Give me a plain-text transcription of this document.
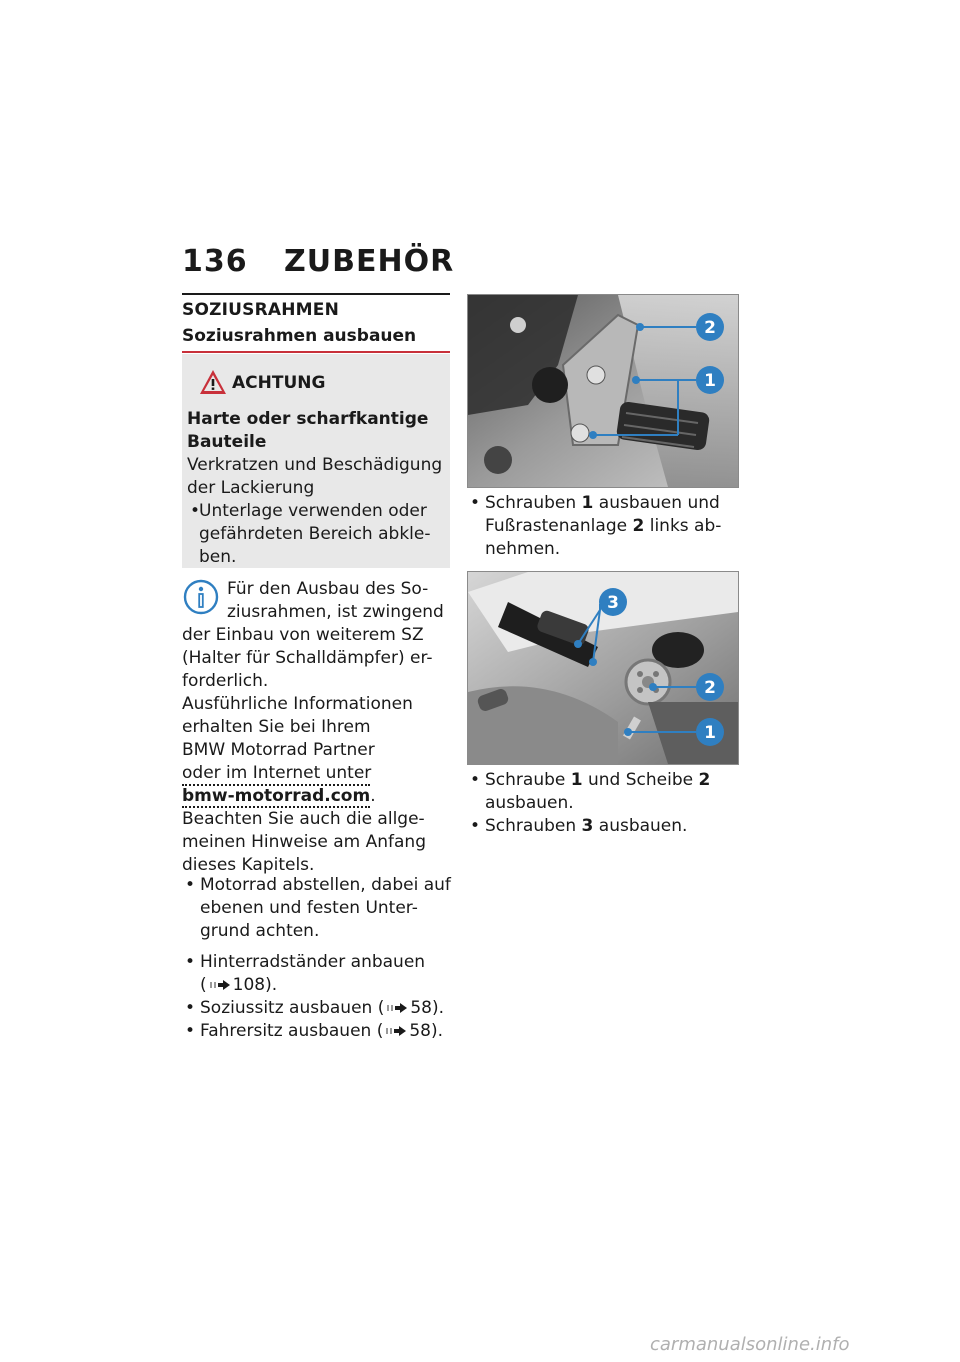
136 ZUBEHÖR
SOZIUSRAHMEN
Soziusrahmen ausbauen
ACHTUNG
Harte oder scharfkantige
Bauteile
Verkratzen und Beschädigung
der Lackierung
• Unterlage verwenden oder
gefährdeten Bereich abkle-
ben.
Für den Ausbau des So-
ziusrahmen, ist zwingend
der Einbau von weiterem SZ
(Halter für Schalldämpfer) er-
forderlich.
Ausführliche Informationen
erhalten Sie bei Ihrem
BMW Motorrad Partner
oder im Internet unter
bmw-motorrad.com.
Beachten Sie auch die allge-
meinen Hinweise am Anfang
dieses Kapitels.
• Motorrad abstellen, dabei auf
ebenen und festen Unter-
grund achten.
• Hinterradständer anbauen
( 108).
• Soziussitz ausbauen ( 58).
• Fahrersitz ausbauen ( 58).
2
1
• Schrauben 1 ausbauen und
Fußrastenanlage 2 links ab-
nehmen.
3
2
1
• Schraube 1 und Scheibe 2
ausbauen.
• Schrauben 3 ausbauen.
carmanualsonline.info
